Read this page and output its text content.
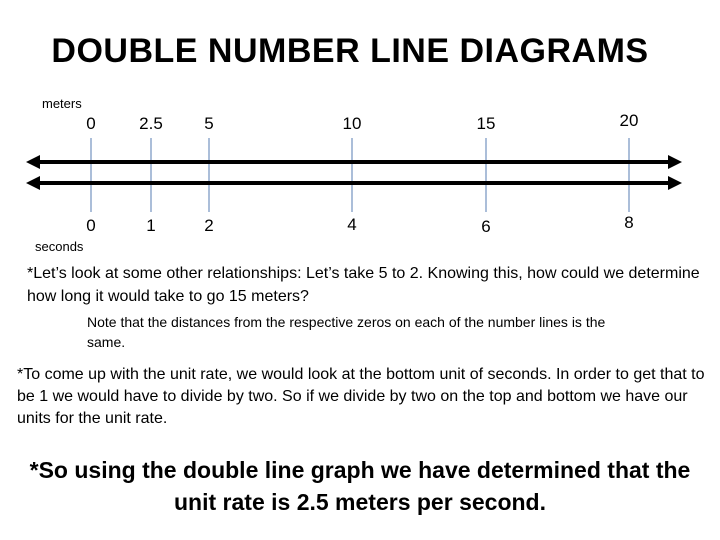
DOUBLE NUMBER LINE DIAGRAMS
meters
0	2.5	5	10	15	20
0	1	2	4	6	8
seconds
*Let’s look at some other relationships: Let’s take 5 to 2. Knowing this, how could we determine how long it would take to go 15 meters?
Note that the distances from the respective zeros on each of the number lines is the same.
*To come up with the unit rate, we would look at the bottom unit of seconds. In order to get that to be 1 we would have to divide by two. So if we divide by two on the top and bottom we have our units for the unit rate.
*So using the double line graph we have determined that the unit rate is 2.5 meters per second.
